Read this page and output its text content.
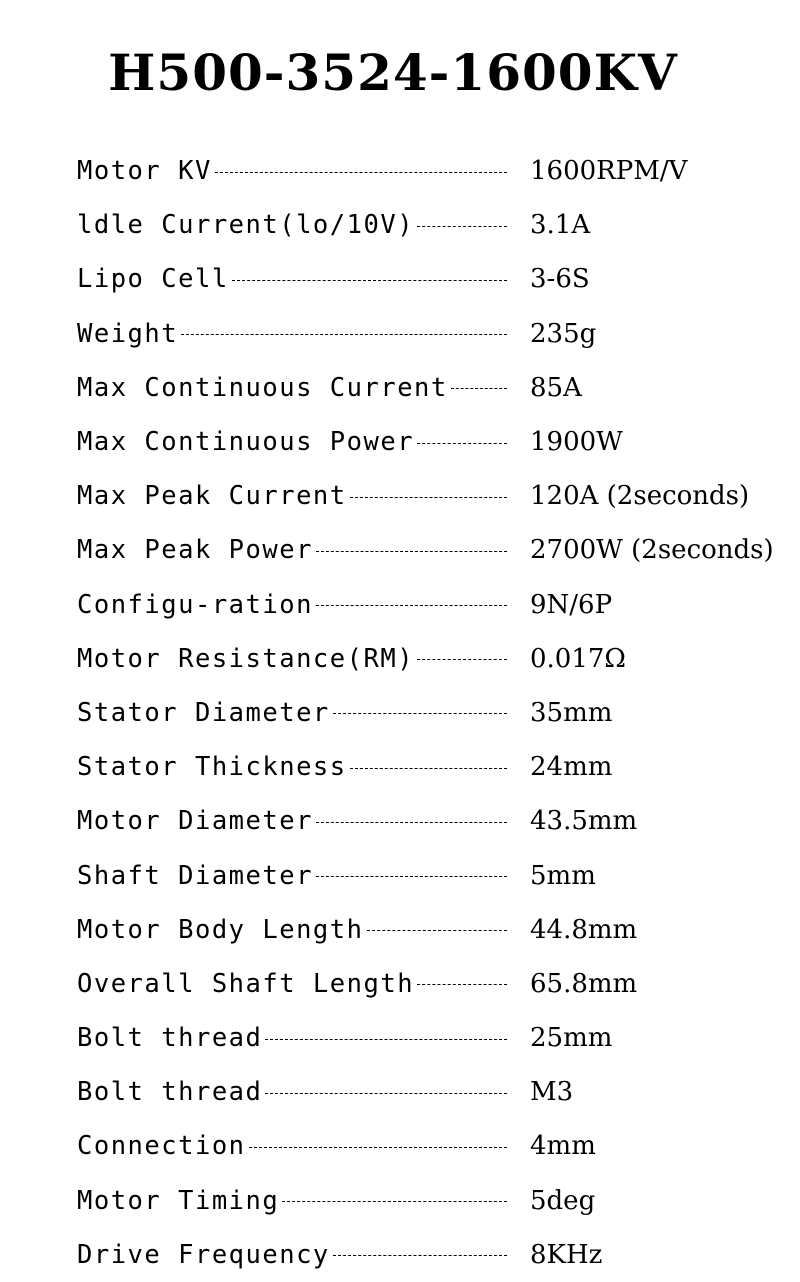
H500-3524-1600KV
Motor KV	1600RPM/V
ldle Current(lo/10V)	3.1A
Lipo Cell	3-6S
Weight	235g
Max Continuous Current	85A
Max Continuous Power	1900W
Max Peak Current	120A (2seconds)
Max Peak Power	2700W (2seconds)
Configu-ration	9N/6P
Motor Resistance(RM)	0.017Ω
Stator Diameter	35mm
Stator Thickness	24mm
Motor Diameter	43.5mm
Shaft Diameter	5mm
Motor Body Length	44.8mm
Overall Shaft Length	65.8mm
Bolt thread	25mm
Bolt thread	M3
Connection	4mm
Motor Timing	5deg
Drive Frequency	8KHz
